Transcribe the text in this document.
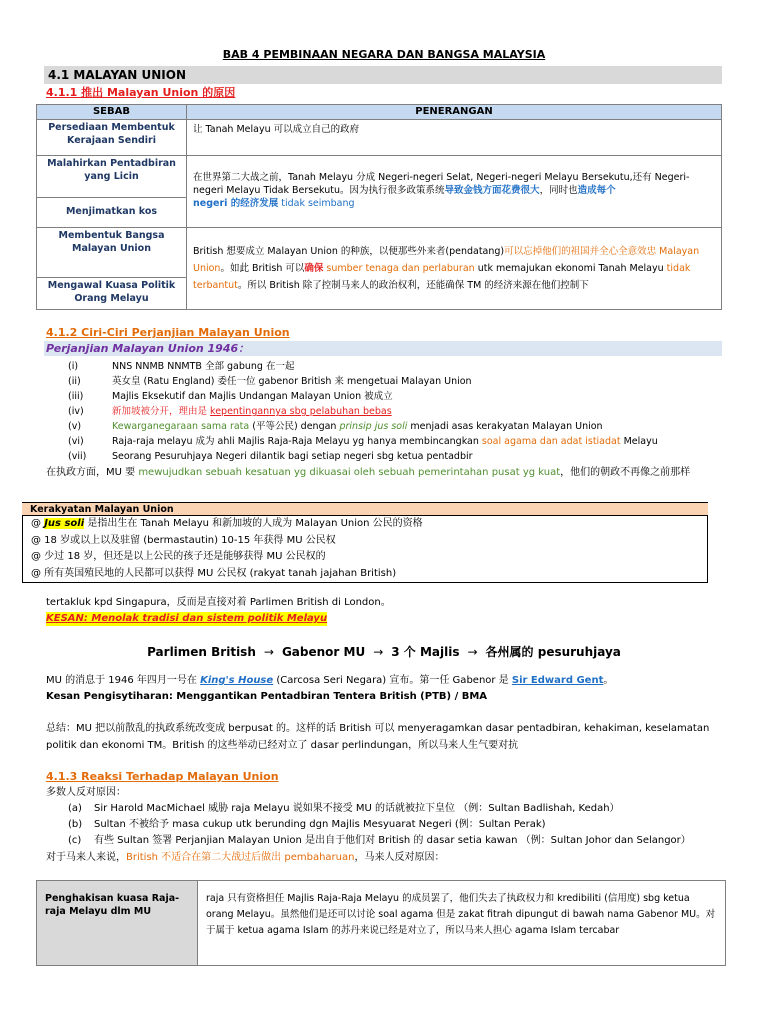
BAB 4 PEMBINAAN NEGARA DAN BANGSA MALAYSIA
4.1 MALAYAN UNION
4.1.1 推出 Malayan Union 的原因
SEBAB	PENERANGAN
Persediaan Membentuk Kerajaan Sendiri	让 Tanah Melayu 可以成立自己的政府
Malahirkan Pentadbiran yang Licin	在世界第二大战之前，Tanah Melayu 分成 Negeri-negeri Selat, Negeri-negeri Melayu Bersekutu,还有 Negeri-negeri Melayu Tidak Bersekutu。因为执行很多政策系统导致金钱方面花费很大，同时也造成每个
negeri 的经济发展 tidak seimbang
Menjimatkan kos	
Membentuk Bangsa Malayan Union	British 想要成立 Malayan Union 的种族，以便那些外来者(pendatang)可以忘掉他们的祖国并全心全意效忠 Malayan Union。如此 British 可以确保 sumber tenaga dan perlaburan utk memajukan ekonomi Tanah Melayu tidak terbantut。所以 British 除了控制马来人的政治权利，还能确保 TM 的经济来源在他们控制下
Mengawal Kuasa Politik Orang Melayu	
4.1.2 Ciri-Ciri Perjanjian Malayan Union
Perjanjian Malayan Union 1946：
(i)	NNS NNMB NNMTB 全部 gabung 在一起
(ii)	英女皇 (Ratu England) 委任一位 gabenor British 来 mengetuai Malayan Union
(iii)	Majlis Eksekutif dan Majlis Undangan Malayan Union 被成立
(iv)	新加坡被分开，理由是 kepentingannya sbg pelabuhan bebas
(v)	Kewarganegaraan sama rata (平等公民) dengan prinsip jus soli menjadi asas kerakyatan Malayan Union
(vi)	Raja-raja melayu 成为 ahli Majlis Raja-Raja Melayu yg hanya membincangkan soal agama dan adat istiadat Melayu
(vii)	Seorang Pesuruhjaya Negeri dilantik bagi setiap negeri sbg ketua pentadbir
在执政方面，MU 要 mewujudkan sebuah kesatuan yg dikuasai oleh sebuah pemerintahan pusat yg kuat，他们的朝政不再像之前那样
Kerakyatan Malayan Union
@ Jus soli 是指出生在 Tanah Melayu 和新加坡的人成为 Malayan Union 公民的资格
@ 18 岁或以上以及驻留 (bermastautin) 10-15 年获得 MU 公民权
@ 少过 18 岁，但还是以上公民的孩子还是能够获得 MU 公民权的
@ 所有英国殖民地的人民都可以获得 MU 公民权 (rakyat tanah jajahan British)
tertakluk kpd Singapura，反而是直接对着 Parlimen British di London。
KESAN: Menolak tradisi dan sistem politik Melayu
Parlimen British → Gabenor MU → 3 个 Majlis → 各州属的 pesuruhjaya
MU 的消息于 1946 年四月一号在 King's House (Carcosa Seri Negara) 宣布。第一任 Gabenor 是 Sir Edward Gent。
Kesan Pengisytiharan: Menggantikan Pentadbiran Tentera British (PTB) / BMA
总结：MU 把以前散乱的执政系统改变成 berpusat 的。这样的话 British 可以 menyeragamkan dasar pentadbiran, kehakiman, keselamatan politik dan ekonomi TM。British 的这些举动已经对立了 dasar perlindungan，所以马来人生气要对抗
4.1.3 Reaksi Terhadap Malayan Union
多数人反对原因：
(a) Sir Harold MacMichael 威胁 raja Melayu 说如果不接受 MU 的话就被拉下皇位 （例：Sultan Badlishah, Kedah）
(b) Sultan 不被给予 masa cukup utk berunding dgn Majlis Mesyuarat Negeri (例：Sultan Perak)
(c) 有些 Sultan 签署 Perjanjian Malayan Union 是出自于他们对 British 的 dasar setia kawan （例：Sultan Johor dan Selangor）
对于马来人来说，British 不适合在第二大战过后做出 pembaharuan，马来人反对原因：
Penghakisan kuasa Raja-raja Melayu dlm MU	raja 只有资格担任 Majlis Raja-Raja Melayu 的成员罢了，他们失去了执政权力和 kredibiliti (信用度) sbg ketua orang Melayu。虽然他们是还可以讨论 soal agama 但是 zakat fitrah dipungut di bawah nama Gabenor MU。对于属于 ketua agama Islam 的苏丹来说已经是对立了，所以马来人担心 agama Islam tercabar
